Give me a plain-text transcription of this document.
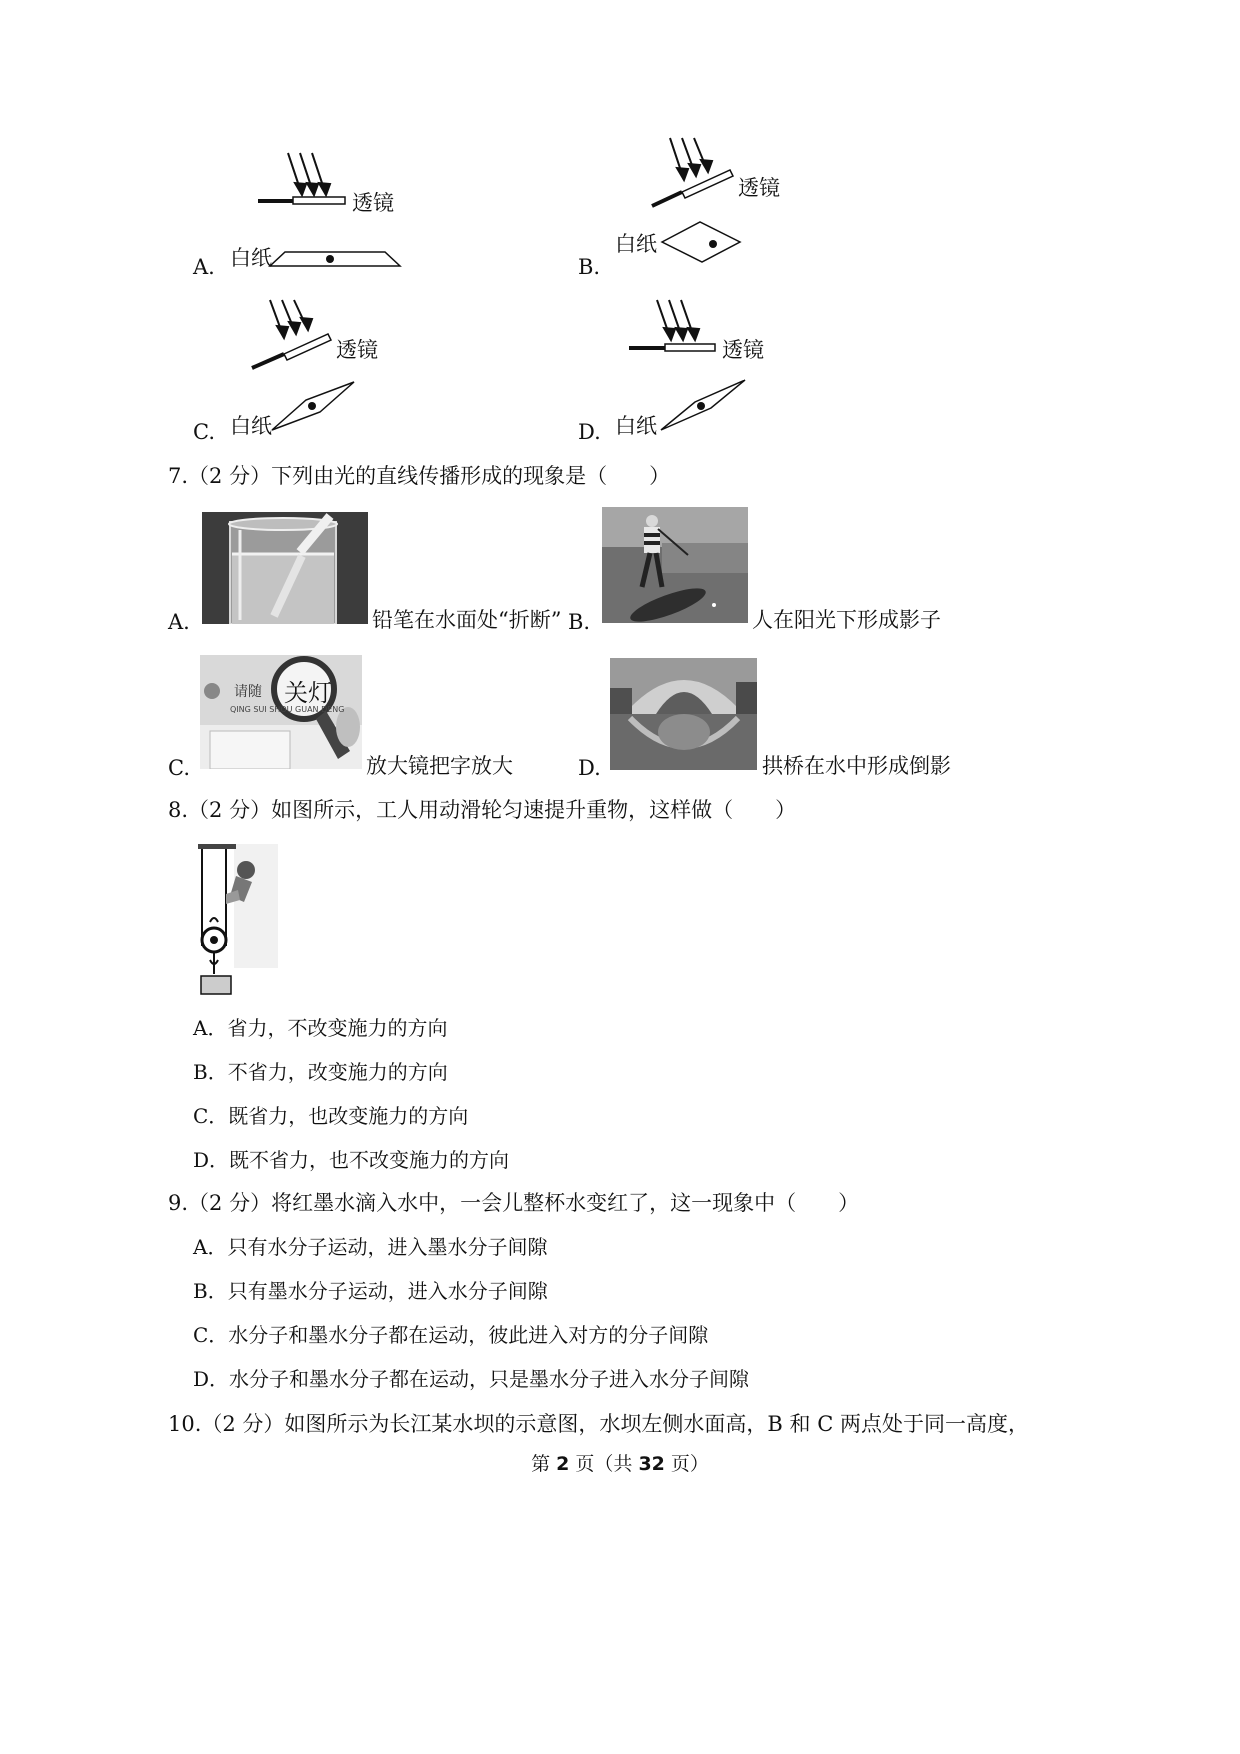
透镜
白纸
A.
透镜
白纸
B.
透镜
白纸
C.
透镜
白纸
D.
7.（2 分）下列由光的直线传播形成的现象是（　　）
A.	铅笔在水面处“折断” B.	人在阳光下形成影子
请随 关灯
QING SUI SHOU GUAN DENG
C.	放大镜把字放大	D.	拱桥在水中形成倒影
8.（2 分）如图所示，工人用动滑轮匀速提升重物，这样做（　　）
A．省力，不改变施力的方向
B．不省力，改变施力的方向
C．既省力，也改变施力的方向
D．既不省力，也不改变施力的方向
9.（2 分）将红墨水滴入水中，一会儿整杯水变红了，这一现象中（　　）
A．只有水分子运动，进入墨水分子间隙
B．只有墨水分子运动，进入水分子间隙
C．水分子和墨水分子都在运动，彼此进入对方的分子间隙
D．水分子和墨水分子都在运动，只是墨水分子进入水分子间隙
10.（2 分）如图所示为长江某水坝的示意图，水坝左侧水面高，B 和 C 两点处于同一高度，
第 2 页（共 32 页）
